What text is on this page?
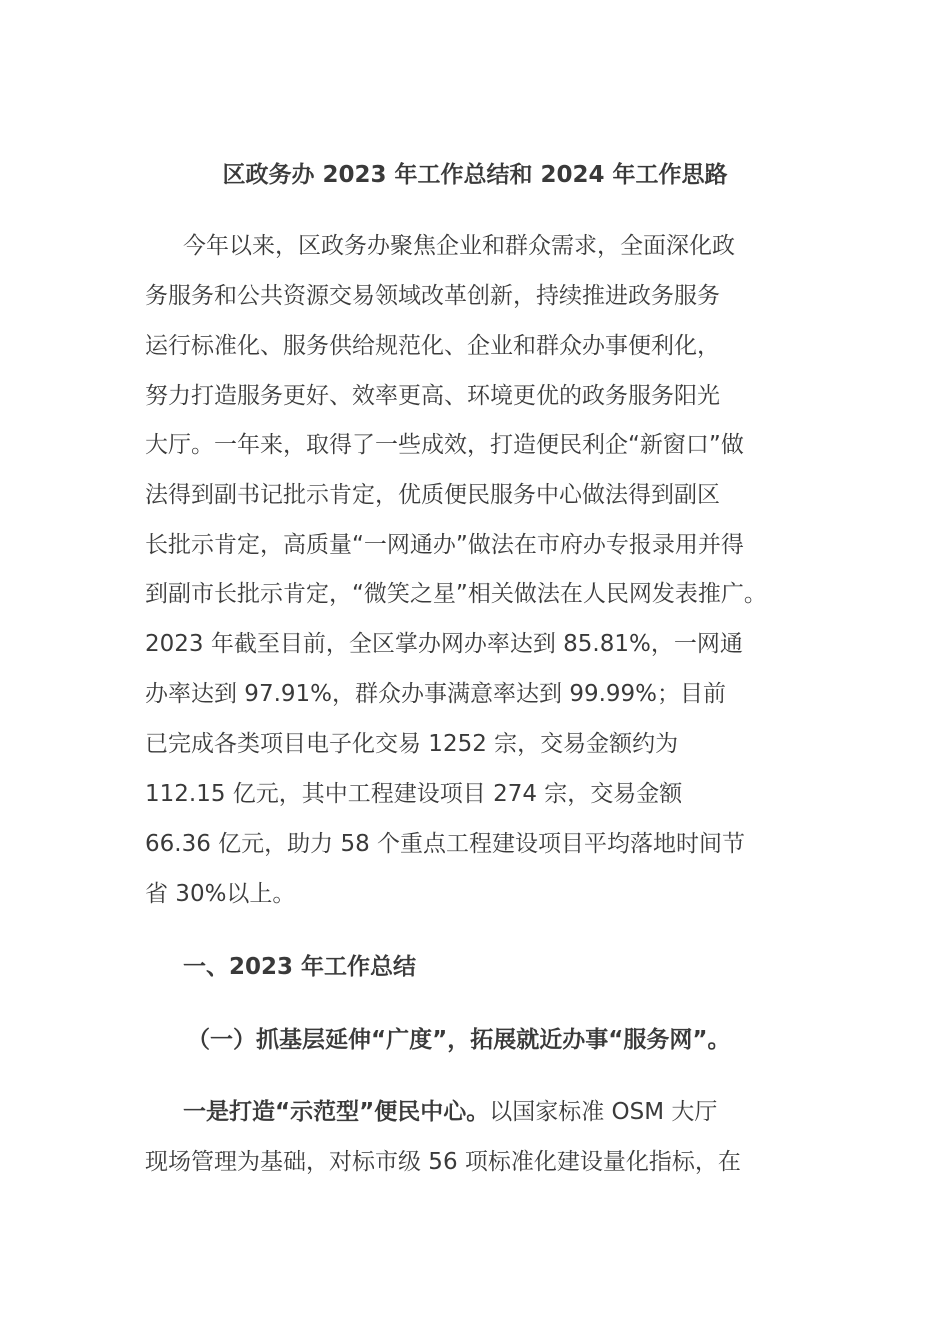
区政务办 2023 年工作总结和 2024 年工作思路

今年以来，区政务办聚焦企业和群众需求，全面深化政

务服务和公共资源交易领域改革创新，持续推进政务服务

运行标准化、服务供给规范化、企业和群众办事便利化，

努力打造服务更好、效率更高、环境更优的政务服务阳光

大厅。一年来，取得了一些成效，打造便民利企“新窗口”做

法得到副书记批示肯定，优质便民服务中心做法得到副区

长批示肯定，高质量“一网通办”做法在市府办专报录用并得

到副市长批示肯定，“微笑之星”相关做法在人民网发表推广。

2023 年截至目前，全区掌办网办率达到 85.81%，一网通

办率达到 97.91%，群众办事满意率达到 99.99%；目前

已完成各类项目电子化交易 1252 宗，交易金额约为

112.15 亿元，其中工程建设项目 274 宗，交易金额

66.36 亿元，助力 58 个重点工程建设项目平均落地时间节

省 30%以上。

一、2023 年工作总结
（一）抓基层延伸“广度”，拓展就近办事“服务网”。

一是打造“示范型”便民中心。以国家标准 OSM 大厅

现场管理为基础，对标市级 56 项标准化建设量化指标，在
